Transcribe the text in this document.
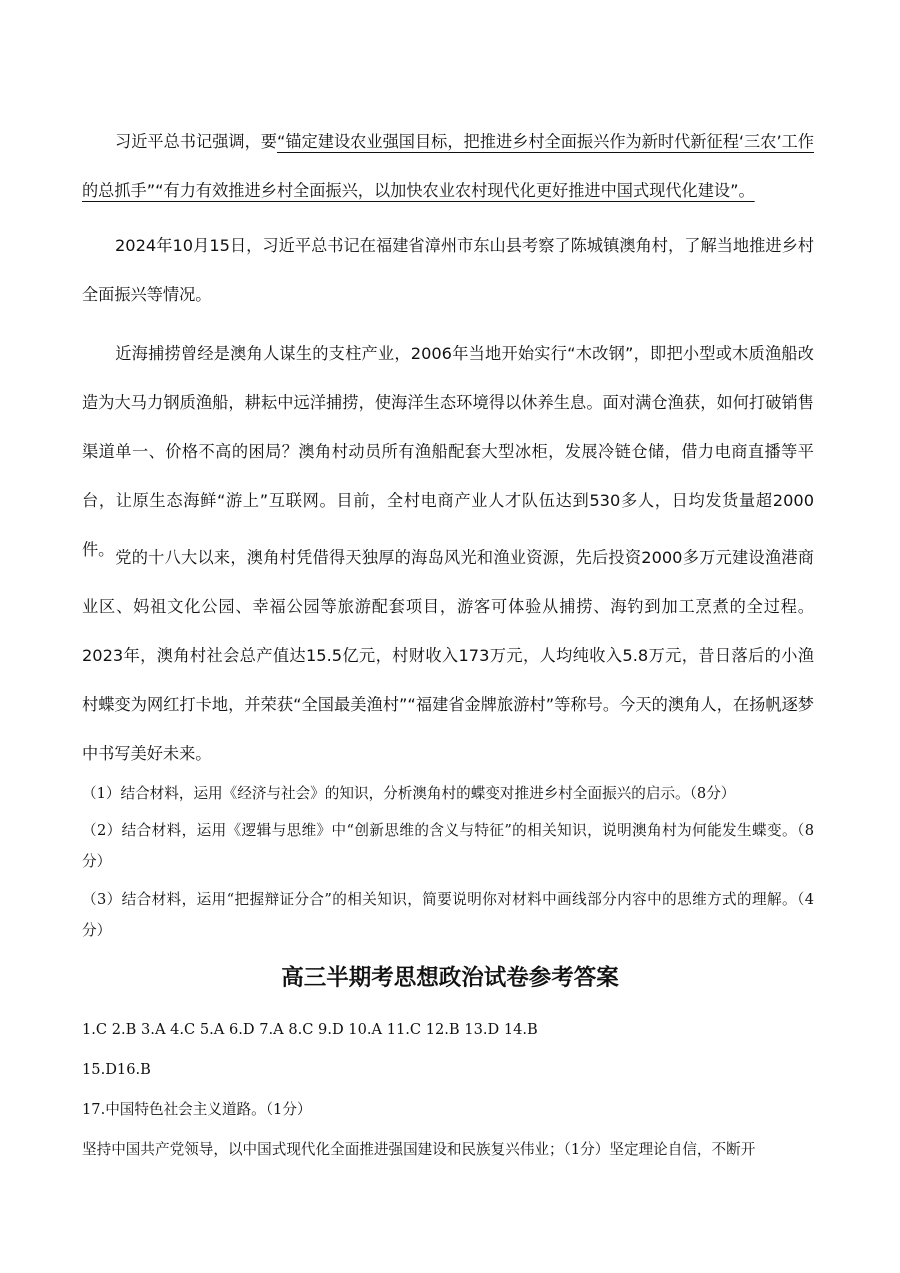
习近平总书记强调，要“锚定建设农业强国目标，把推进乡村全面振兴作为新时代新征程‘三农’工作的总抓手”“有力有效推进乡村全面振兴，以加快农业农村现代化更好推进中国式现代化建设”。

2024年10月15日，习近平总书记在福建省漳州市东山县考察了陈城镇澳角村，了解当地推进乡村全面振兴等情况。

近海捕捞曾经是澳角人谋生的支柱产业，2006年当地开始实行“木改钢”，即把小型或木质渔船改造为大马力钢质渔船，耕耘中远洋捕捞，使海洋生态环境得以休养生息。面对满仓渔获，如何打破销售渠道单一、价格不高的困局？澳角村动员所有渔船配套大型冰柜，发展冷链仓储，借力电商直播等平台，让原生态海鲜“游上”互联网。目前，全村电商产业人才队伍达到530多人，日均发货量超2000件。 党的十八大以来，澳角村凭借得天独厚的海岛风光和渔业资源，先后投资2000多万元建设渔港商业区、妈祖文化公园、幸福公园等旅游配套项目，游客可体验从捕捞、海钓到加工烹煮的全过程。2023年，澳角村社会总产值达15.5亿元，村财收入173万元，人均纯收入5.8万元，昔日落后的小渔村蝶变为网红打卡地，并荣获“全国最美渔村”“福建省金牌旅游村”等称号。今天的澳角人，在扬帆逐梦中书写美好未来。

（1）结合材料，运用《经济与社会》的知识，分析澳角村的蝶变对推进乡村全面振兴的启示。（8分）

（2）结合材料，运用《逻辑与思维》中“创新思维的含义与特征”的相关知识，说明澳角村为何能发生蝶变。（8分）

（3）结合材料，运用“把握辩证分合”的相关知识，简要说明你对材料中画线部分内容中的思维方式的理解。（4分）

高三半期考思想政治试卷参考答案

1.C 2.B 3.A 4.C 5.A 6.D 7.A 8.C 9.D 10.A 11.C 12.B 13.D 14.B

15.D16.B

17.中国特色社会主义道路。（1分）

坚持中国共产党领导，以中国式现代化全面推进强国建设和民族复兴伟业；（1分）坚定理论自信，不断开
